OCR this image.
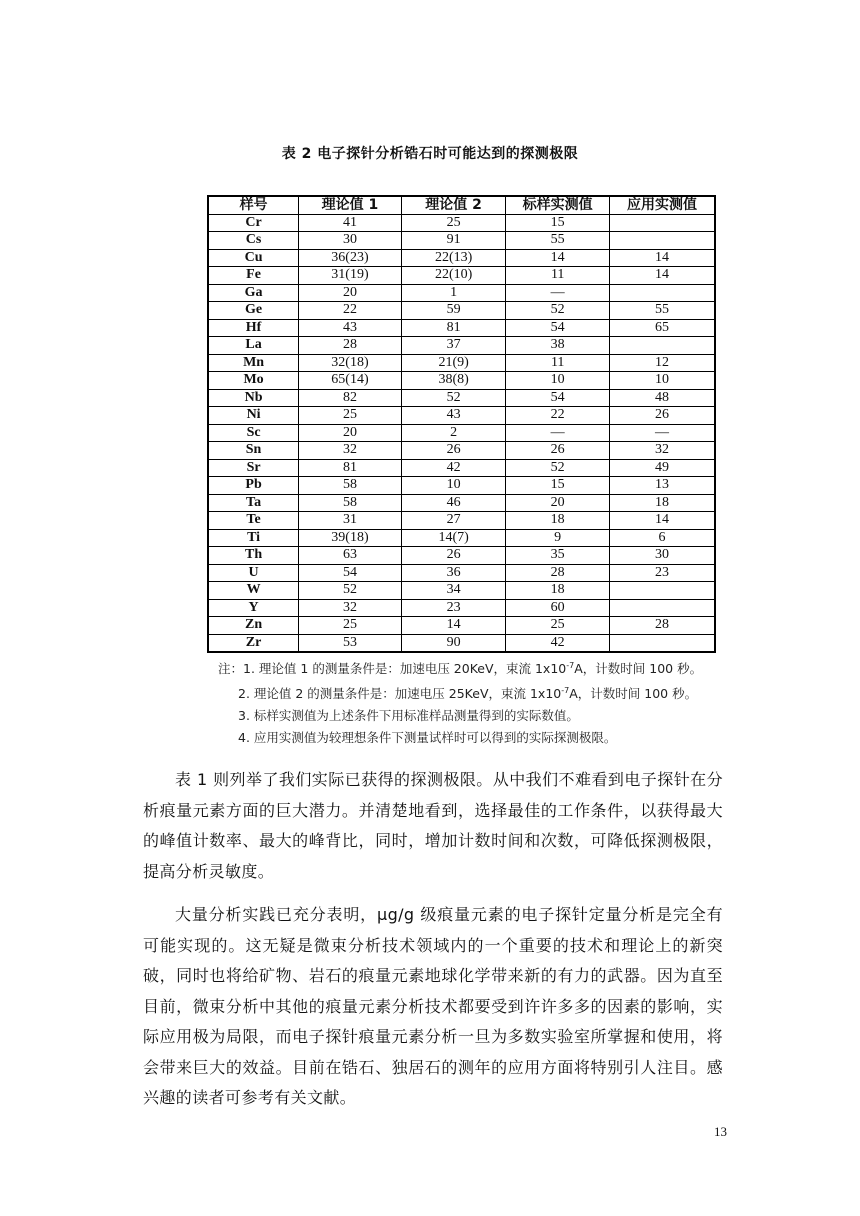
表 2 电子探针分析锆石时可能达到的探测极限
样号	理论值 1	理论值 2	标样实测值	应用实测值
Cr	41	25	15	
Cs	30	91	55	
Cu	36(23)	22(13)	14	14
Fe	31(19)	22(10)	11	14
Ga	20	1	—	
Ge	22	59	52	55
Hf	43	81	54	65
La	28	37	38	
Mn	32(18)	21(9)	11	12
Mo	65(14)	38(8)	10	10
Nb	82	52	54	48
Ni	25	43	22	26
Sc	20	2	—	—
Sn	32	26	26	32
Sr	81	42	52	49
Pb	58	10	15	13
Ta	58	46	20	18
Te	31	27	18	14
Ti	39(18)	14(7)	9	6
Th	63	26	35	30
U	54	36	28	23
W	52	34	18	
Y	32	23	60	
Zn	25	14	25	28
Zr	53	90	42	
注：1. 理论值 1 的测量条件是：加速电压 20KeV，束流 $1x10^{-7}A$，计数时间 100 秒。
2. 理论值 2 的测量条件是：加速电压 25KeV，束流 $1x10^{-7}A$，计数时间 100 秒。
3. 标样实测值为上述条件下用标准样品测量得到的实际数值。
4. 应用实测值为较理想条件下测量试样时可以得到的实际探测极限。

表 1 则列举了我们实际已获得的探测极限。从中我们不难看到电子探针在分析痕量元素方面的巨大潜力。并清楚地看到，选择最佳的工作条件，以获得最大的峰值计数率、最大的峰背比，同时，增加计数时间和次数，可降低探测极限，提高分析灵敏度。

大量分析实践已充分表明，μg/g 级痕量元素的电子探针定量分析是完全有可能实现的。这无疑是微束分析技术领域内的一个重要的技术和理论上的新突破，同时也将给矿物、岩石的痕量元素地球化学带来新的有力的武器。因为直至目前，微束分析中其他的痕量元素分析技术都要受到许许多多的因素的影响，实际应用极为局限，而电子探针痕量元素分析一旦为多数实验室所掌握和使用，将会带来巨大的效益。目前在锆石、独居石的测年的应用方面将特别引人注目。感兴趣的读者可参考有关文献。

13
